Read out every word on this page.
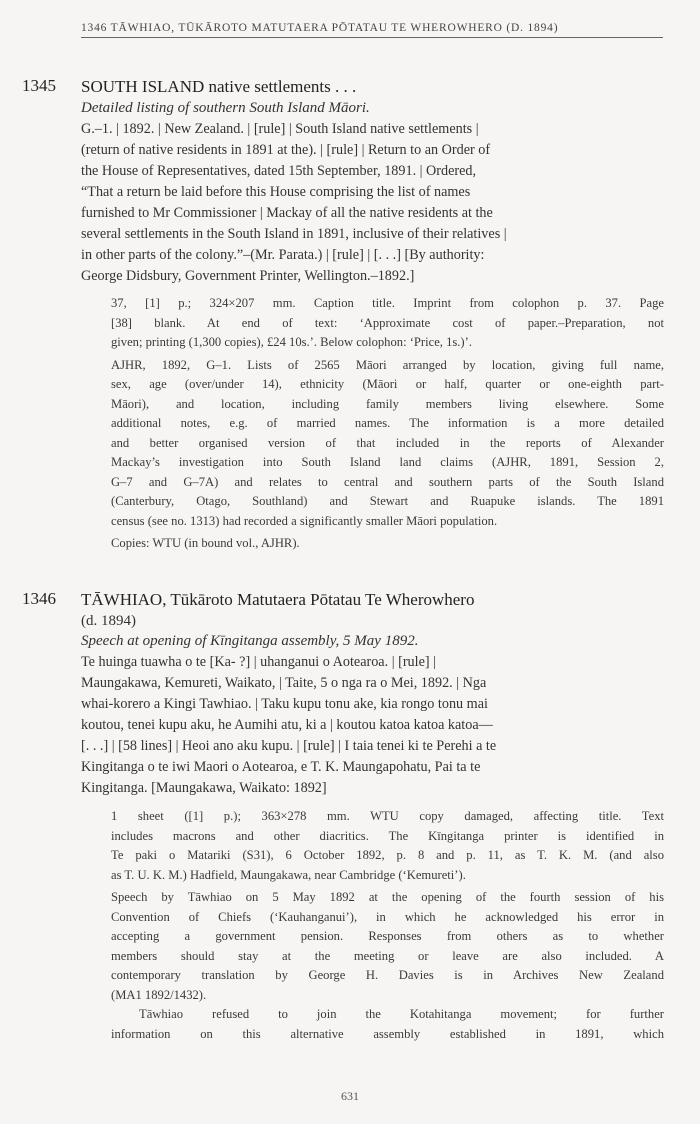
1346 TĀWHIAO, TŪKĀROTO MATUTAERA PŌTATAU TE WHEROWHERO (D. 1894)
1345 SOUTH ISLAND native settlements . . .

Detailed listing of southern South Island Māori.

G.–1. | 1892. | New Zealand. | [rule] | South Island native settlements |
(return of native residents in 1891 at the). | [rule] | Return to an Order of
the House of Representatives, dated 15th September, 1891. | Ordered,
“That a return be laid before this House comprising the list of names
furnished to Mr Commissioner | Mackay of all the native residents at the
several settlements in the South Island in 1891, inclusive of their relatives |
in other parts of the colony.”–(Mr. Parata.) | [rule] | [. . .] [By authority:
George Didsbury, Government Printer, Wellington.–1892.]

37, [1] p.; 324×207 mm. Caption title. Imprint from colophon p. 37. Page
[38] blank. At end of text: ‘Approximate cost of paper.–Preparation, not
given; printing (1,300 copies), £24 10s.’. Below colophon: ‘Price, 1s.)’.

AJHR, 1892, G–1. Lists of 2565 Māori arranged by location, giving full name,
sex, age (over/under 14), ethnicity (Māori or half, quarter or one-eighth part-
Māori), and location, including family members living elsewhere. Some
additional notes, e.g. of married names. The information is a more detailed
and better organised version of that included in the reports of Alexander
Mackay’s investigation into South Island land claims (AJHR, 1891, Session 2,
G–7 and G–7A) and relates to central and southern parts of the South Island
(Canterbury, Otago, Southland) and Stewart and Ruapuke islands. The 1891
census (see no. 1313) had recorded a significantly smaller Māori population.

Copies: WTU (in bound vol., AJHR).

1346 TĀWHIAO, Tūkāroto Matutaera Pōtatau Te Wherowhero

(d. 1894)

Speech at opening of Kīngitanga assembly, 5 May 1892.

Te huinga tuawha o te [Ka- ?] | uhanganui o Aotearoa. | [rule] |
Maungakawa, Kemureti, Waikato, | Taite, 5 o nga ra o Mei, 1892. | Nga
whai-korero a Kingi Tawhiao. | Taku kupu tonu ake, kia rongo tonu mai
koutou, tenei kupu aku, he Aumihi atu, ki a | koutou katoa katoa katoa—
[. . .] | [58 lines] | Heoi ano aku kupu. | [rule] | I taia tenei ki te Perehi a te
Kingitanga o te iwi Maori o Aotearoa, e T. K. Maungapohatu, Pai ta te
Kingitanga. [Maungakawa, Waikato: 1892]

1 sheet ([1] p.); 363×278 mm. WTU copy damaged, affecting title. Text
includes macrons and other diacritics. The Kīngitanga printer is identified in
Te paki o Matariki (S31), 6 October 1892, p. 8 and p. 11, as T. K. M. (and also
as T. U. K. M.) Hadfield, Maungakawa, near Cambridge (‘Kemureti’).

Speech by Tāwhiao on 5 May 1892 at the opening of the fourth session of his
Convention of Chiefs (‘Kauhanganui’), in which he acknowledged his error in
accepting a government pension. Responses from others as to whether
members should stay at the meeting or leave are also included. A
contemporary translation by George H. Davies is in Archives New Zealand
(MA1 1892/1432).

Tāwhiao refused to join the Kotahitanga movement; for further
information on this alternative assembly established in 1891, which

631
